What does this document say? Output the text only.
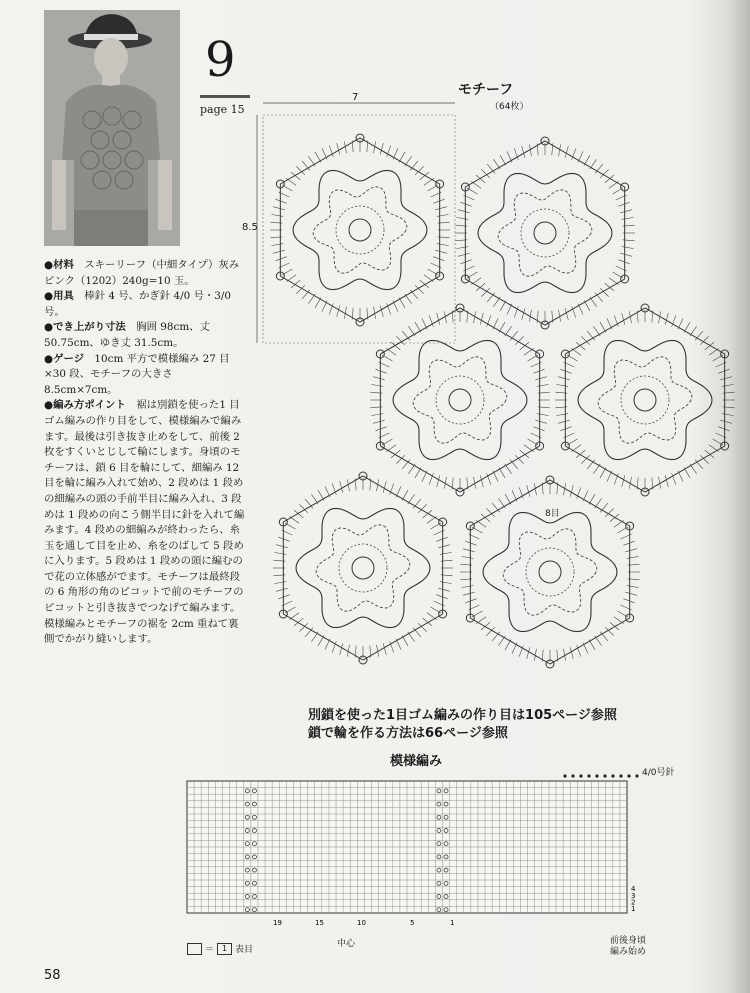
9
page 15

●材料　 スキーリーフ（中細タイプ）灰みピンク（1202）240g=10 玉。

●用具　 棒針 4 号、かぎ針 4/0 号・3/0 号。

●でき上がり寸法　 胸囲 98cm、丈50.75cm、ゆき丈 31.5cm。

●ゲージ　 10cm 平方で模様編み 27 目×30 段、モチーフの大きさ 8.5cm×7cm。

●編み方ポイント　 裾は別鎖を使った1 目ゴム編みの作り目をして、模様編みで編みます。最後は引き抜き止めをして、前後 2 枚をすくいとじして輪にします。身頃のモチーフは、鎖 6 目を輪にして、細編み 12 目を輪に編み入れて始め、2 段めは 1 段めの細編みの頭の手前半目に編み入れ、3 段めは 1 段めの向こう側半目に針を入れて編みます。4 段めの細編みが終わったら、糸玉を通して目を止め、糸をのばして 5 段めに入ります。5 段めは 1 段めの頭に編むので花の立体感がでます。モチーフは最終段の 6 角形の角のピコットで前のモチーフのピコットと引き抜きでつなげて編みます。模様編みとモチーフの裾を 2cm 重ねて裏側でかがり縫いします。

モチーフ
（64枚）
7
8.5
8目
別鎖を使った1目ゴム編みの作り目は105ページ参照
鎖で輪を作る方法は66ページ参照
模様編み
4/0号針
4
3
2
1
19	15	10	5	1
＝ 1 表目
中心	前後身頃 編み始め
58
